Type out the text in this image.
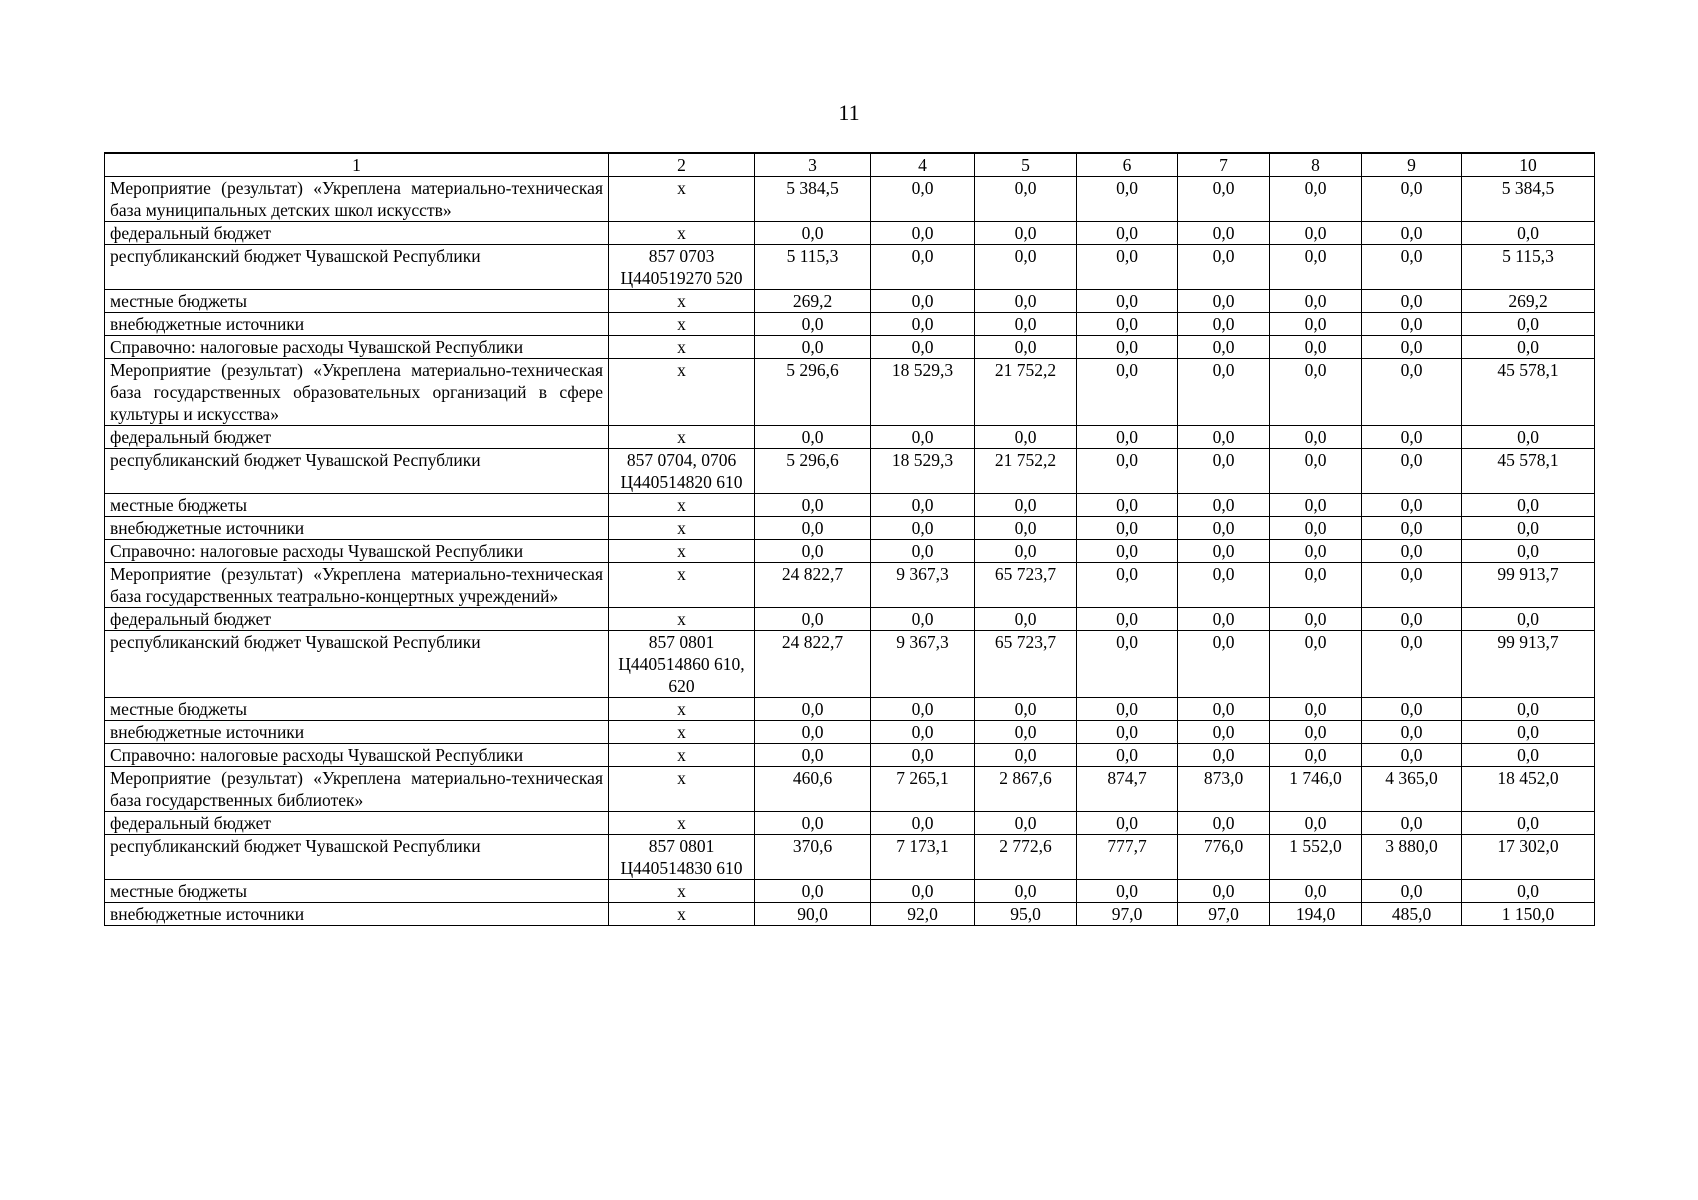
11
1	2	3	4	5	6	7	8	9	10
Мероприятие (результат) «Укреплена материально-техническая база муниципальных детских школ искусств»	х	5 384,5	0,0	0,0	0,0	0,0	0,0	0,0	5 384,5
федеральный бюджет	х	0,0	0,0	0,0	0,0	0,0	0,0	0,0	0,0
республиканский бюджет Чувашской Республики	857 0703 Ц440519270 520	5 115,3	0,0	0,0	0,0	0,0	0,0	0,0	5 115,3
местные бюджеты	х	269,2	0,0	0,0	0,0	0,0	0,0	0,0	269,2
внебюджетные источники	х	0,0	0,0	0,0	0,0	0,0	0,0	0,0	0,0
Справочно: налоговые расходы Чувашской Республики	х	0,0	0,0	0,0	0,0	0,0	0,0	0,0	0,0
Мероприятие (результат) «Укреплена материально-техническая база государственных образовательных организаций в сфере культуры и искусства»	х	5 296,6	18 529,3	21 752,2	0,0	0,0	0,0	0,0	45 578,1
федеральный бюджет	х	0,0	0,0	0,0	0,0	0,0	0,0	0,0	0,0
республиканский бюджет Чувашской Республики	857 0704, 0706 Ц440514820 610	5 296,6	18 529,3	21 752,2	0,0	0,0	0,0	0,0	45 578,1
местные бюджеты	х	0,0	0,0	0,0	0,0	0,0	0,0	0,0	0,0
внебюджетные источники	х	0,0	0,0	0,0	0,0	0,0	0,0	0,0	0,0
Справочно: налоговые расходы Чувашской Республики	х	0,0	0,0	0,0	0,0	0,0	0,0	0,0	0,0
Мероприятие (результат) «Укреплена материально-техническая база государственных театрально-концертных учреждений»	х	24 822,7	9 367,3	65 723,7	0,0	0,0	0,0	0,0	99 913,7
федеральный бюджет	х	0,0	0,0	0,0	0,0	0,0	0,0	0,0	0,0
республиканский бюджет Чувашской Республики	857 0801 Ц440514860 610, 620	24 822,7	9 367,3	65 723,7	0,0	0,0	0,0	0,0	99 913,7
местные бюджеты	х	0,0	0,0	0,0	0,0	0,0	0,0	0,0	0,0
внебюджетные источники	х	0,0	0,0	0,0	0,0	0,0	0,0	0,0	0,0
Справочно: налоговые расходы Чувашской Республики	х	0,0	0,0	0,0	0,0	0,0	0,0	0,0	0,0
Мероприятие (результат) «Укреплена материально-техническая база государственных библиотек»	х	460,6	7 265,1	2 867,6	874,7	873,0	1 746,0	4 365,0	18 452,0
федеральный бюджет	х	0,0	0,0	0,0	0,0	0,0	0,0	0,0	0,0
республиканский бюджет Чувашской Республики	857 0801 Ц440514830 610	370,6	7 173,1	2 772,6	777,7	776,0	1 552,0	3 880,0	17 302,0
местные бюджеты	х	0,0	0,0	0,0	0,0	0,0	0,0	0,0	0,0
внебюджетные источники	х	90,0	92,0	95,0	97,0	97,0	194,0	485,0	1 150,0
